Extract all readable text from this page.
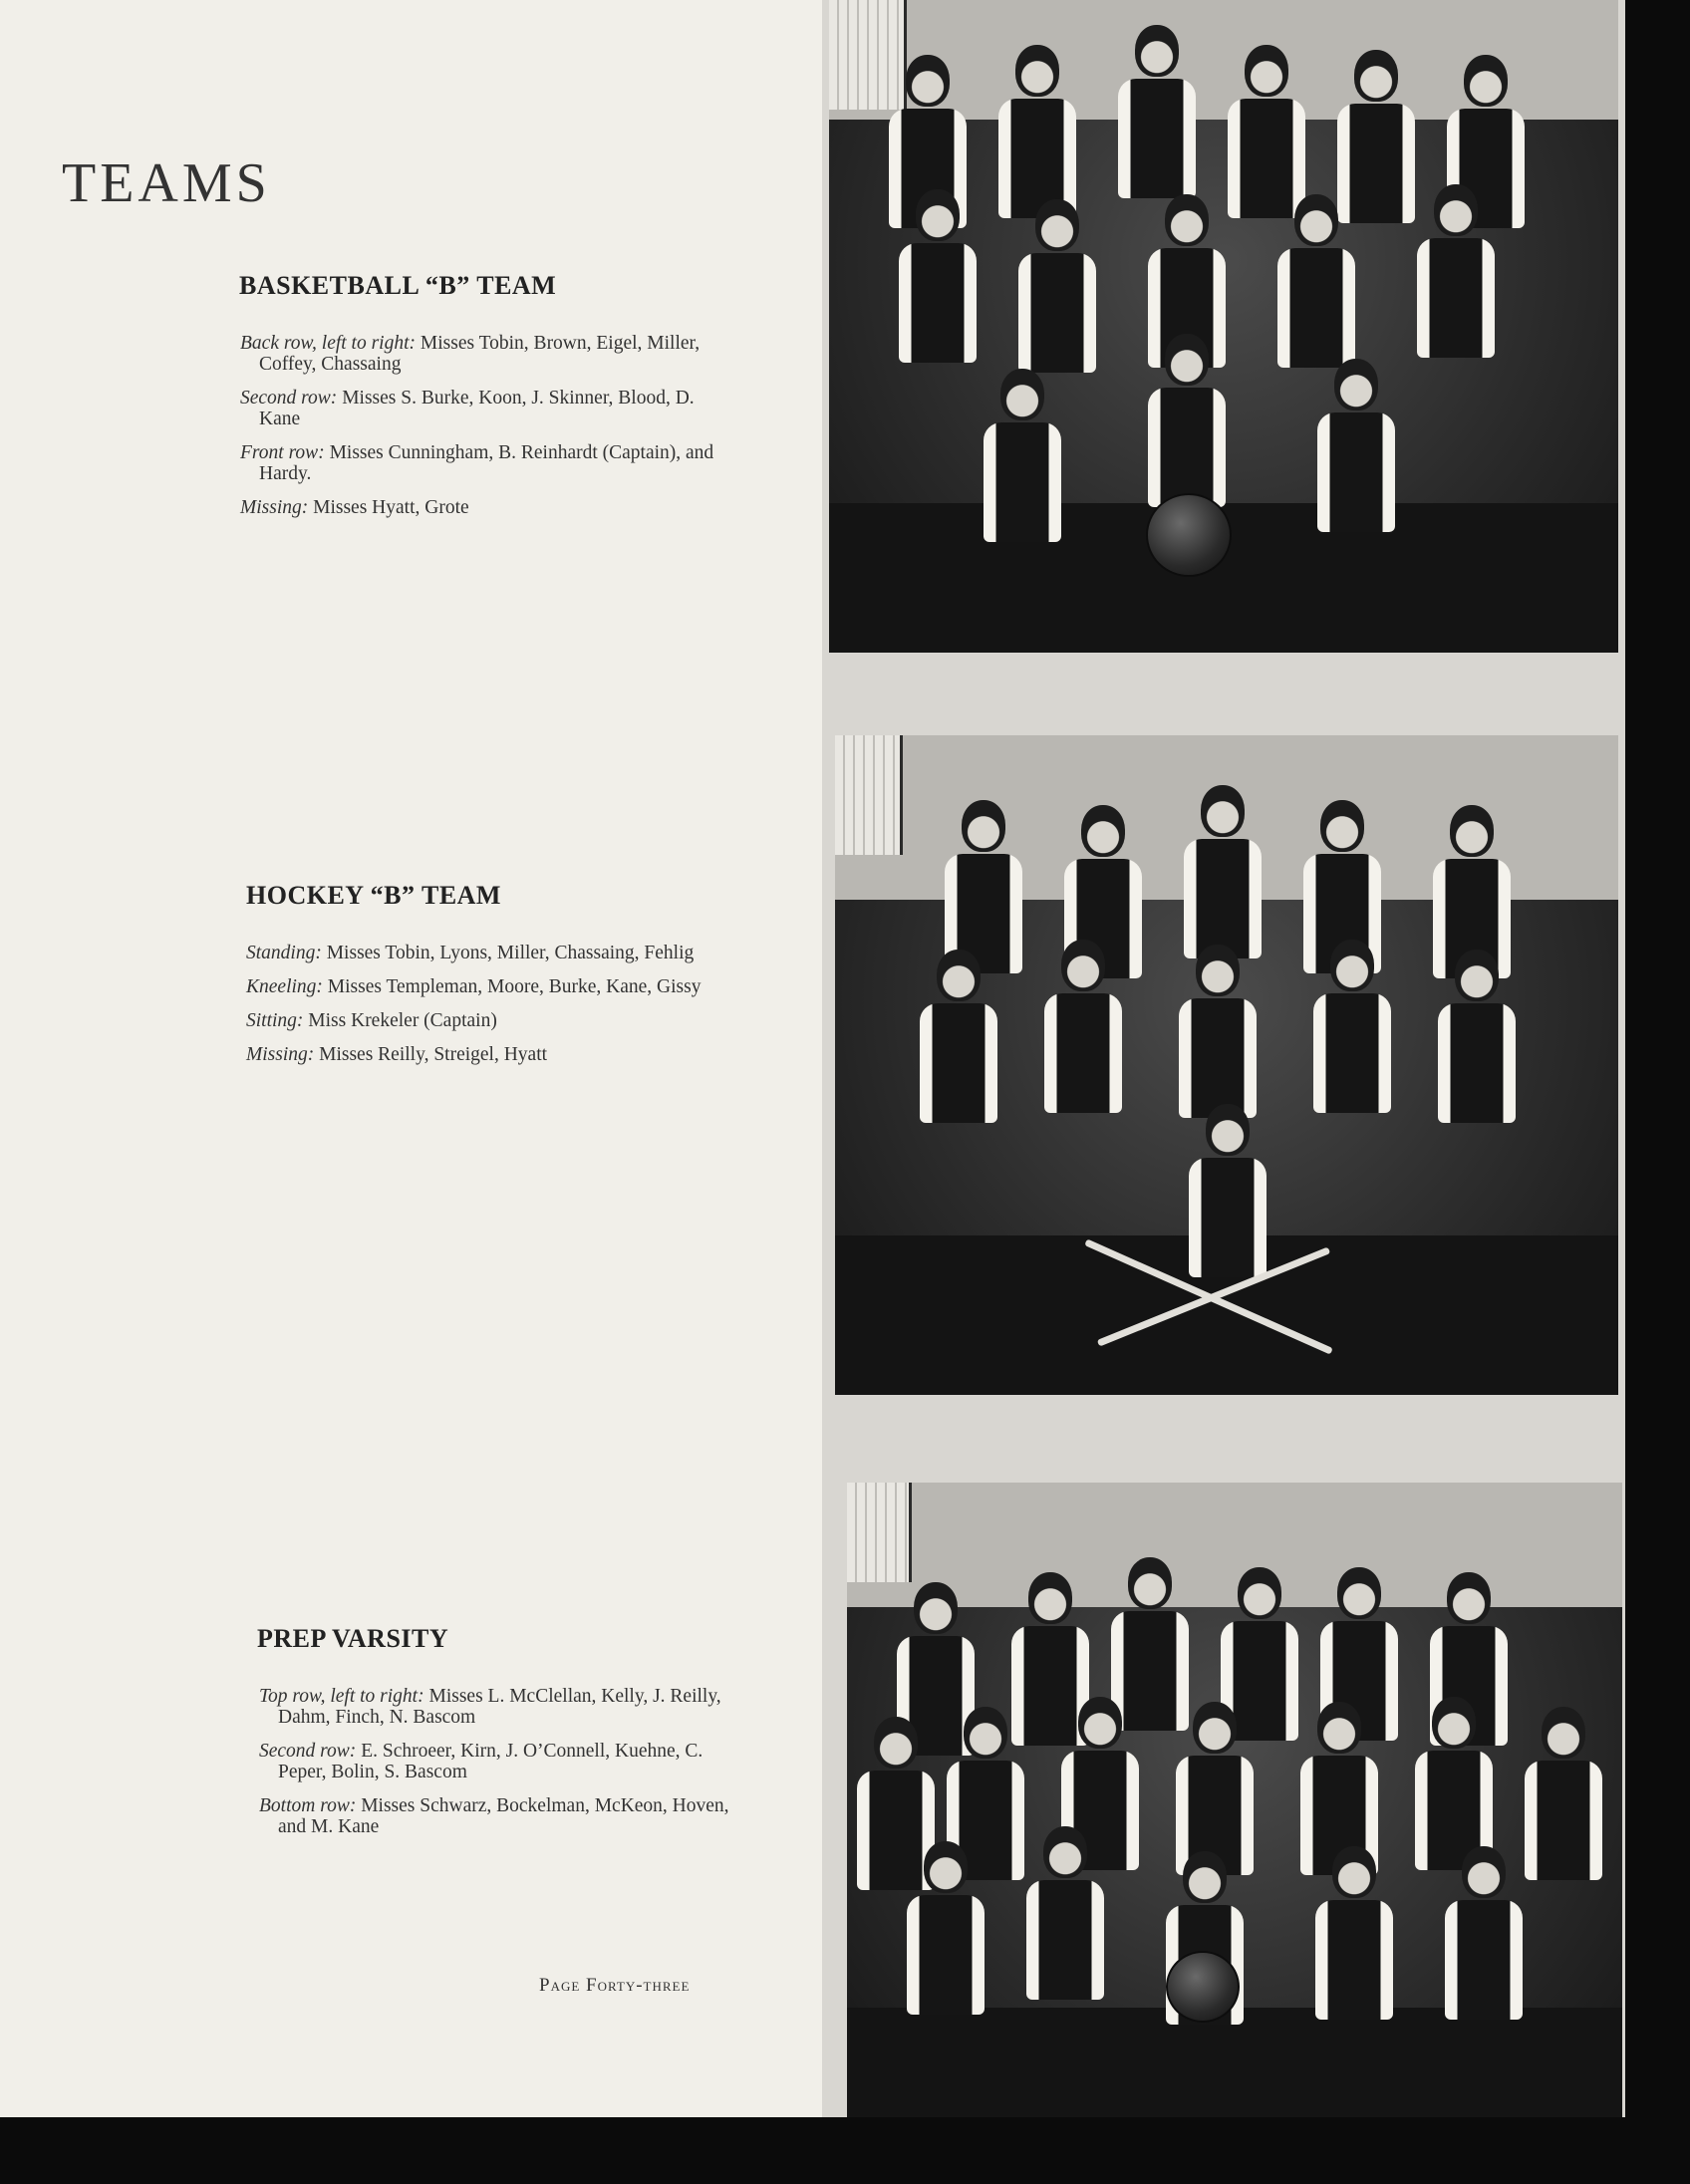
TEAMS
BASKETBALL “B” TEAM

Back row, left to right: Misses Tobin, Brown, Eigel, Miller, Coffey, Chassaing

Second row: Misses S. Burke, Koon, J. Skinner, Blood, D. Kane

Front row: Misses Cunningham, B. Reinhardt (Captain), and Hardy.

Missing: Misses Hyatt, Grote

HOCKEY “B” TEAM

Standing: Misses Tobin, Lyons, Miller, Chassaing, Fehlig

Kneeling: Misses Templeman, Moore, Burke, Kane, Gissy

Sitting: Miss Krekeler (Captain)

Missing: Misses Reilly, Streigel, Hyatt

PREP VARSITY

Top row, left to right: Misses L. McClellan, Kelly, J. Reilly, Dahm, Finch, N. Bascom

Second row: E. Schroeer, Kirn, J. O’Connell, Kuehne, C. Peper, Bolin, S. Bascom

Bottom row: Misses Schwarz, Bockelman, McKeon, Hoven, and M. Kane

Page Forty-three
